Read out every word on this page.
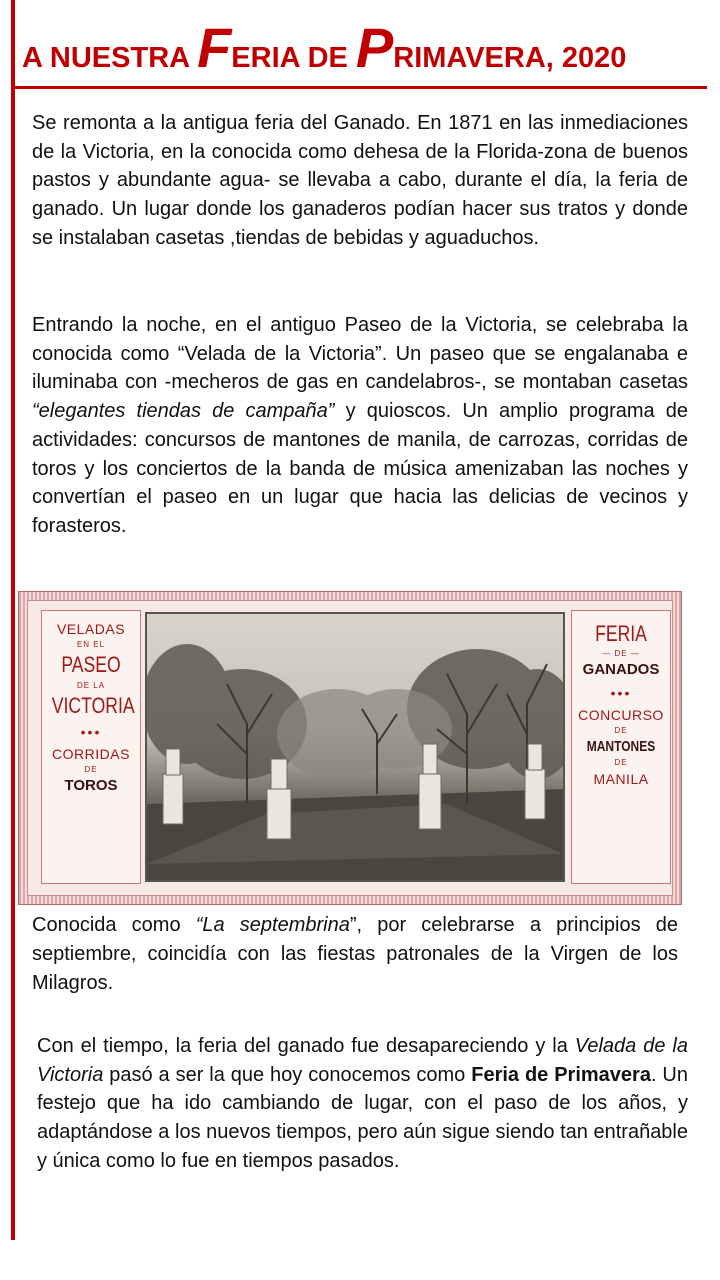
A NUESTRA FERIA DE PRIMAVERA, 2020

Se remonta a la antigua feria del Ganado. En 1871 en las inmediaciones de la Victoria, en la conocida como dehesa de la Florida-zona de buenos pastos y abundante agua- se llevaba a cabo, durante el día, la feria de ganado. Un lugar donde los ganaderos podían hacer sus tratos y donde se instalaban casetas ,tiendas de bebidas y aguaduchos.

Entrando la noche, en el antiguo Paseo de la Victoria, se celebraba la conocida como “Velada de la Victoria”. Un paseo que se engalanaba e iluminaba con -mecheros de gas en candelabros-, se montaban casetas “elegantes tiendas de campaña” y quioscos. Un amplio programa de actividades: concursos de mantones de manila, de carrozas, corridas de toros y los conciertos de la banda de música amenizaban las noches y convertían el paseo en un lugar que hacia las delicias de vecinos y forasteros.

VELADAS
EN EL
PASEO
DE LA
VICTORIA
•••
CORRIDAS
DE
TOROS
FERIA
— DE —
GANADOS
•••
CONCURSO
DE
MANTONES
DE
MANILA

Conocida como “La septembrina”, por celebrarse a principios de septiembre, coincidía con las fiestas patronales de la Virgen de los Milagros.

Con el tiempo, la feria del ganado fue desapareciendo y la Velada de la Victoria pasó a ser la que hoy conocemos como Feria de Primavera. Un festejo que ha ido cambiando de lugar, con el paso de los años, y adaptándose a los nuevos tiempos, pero aún sigue siendo tan entrañable y única como lo fue en tiempos pasados.
